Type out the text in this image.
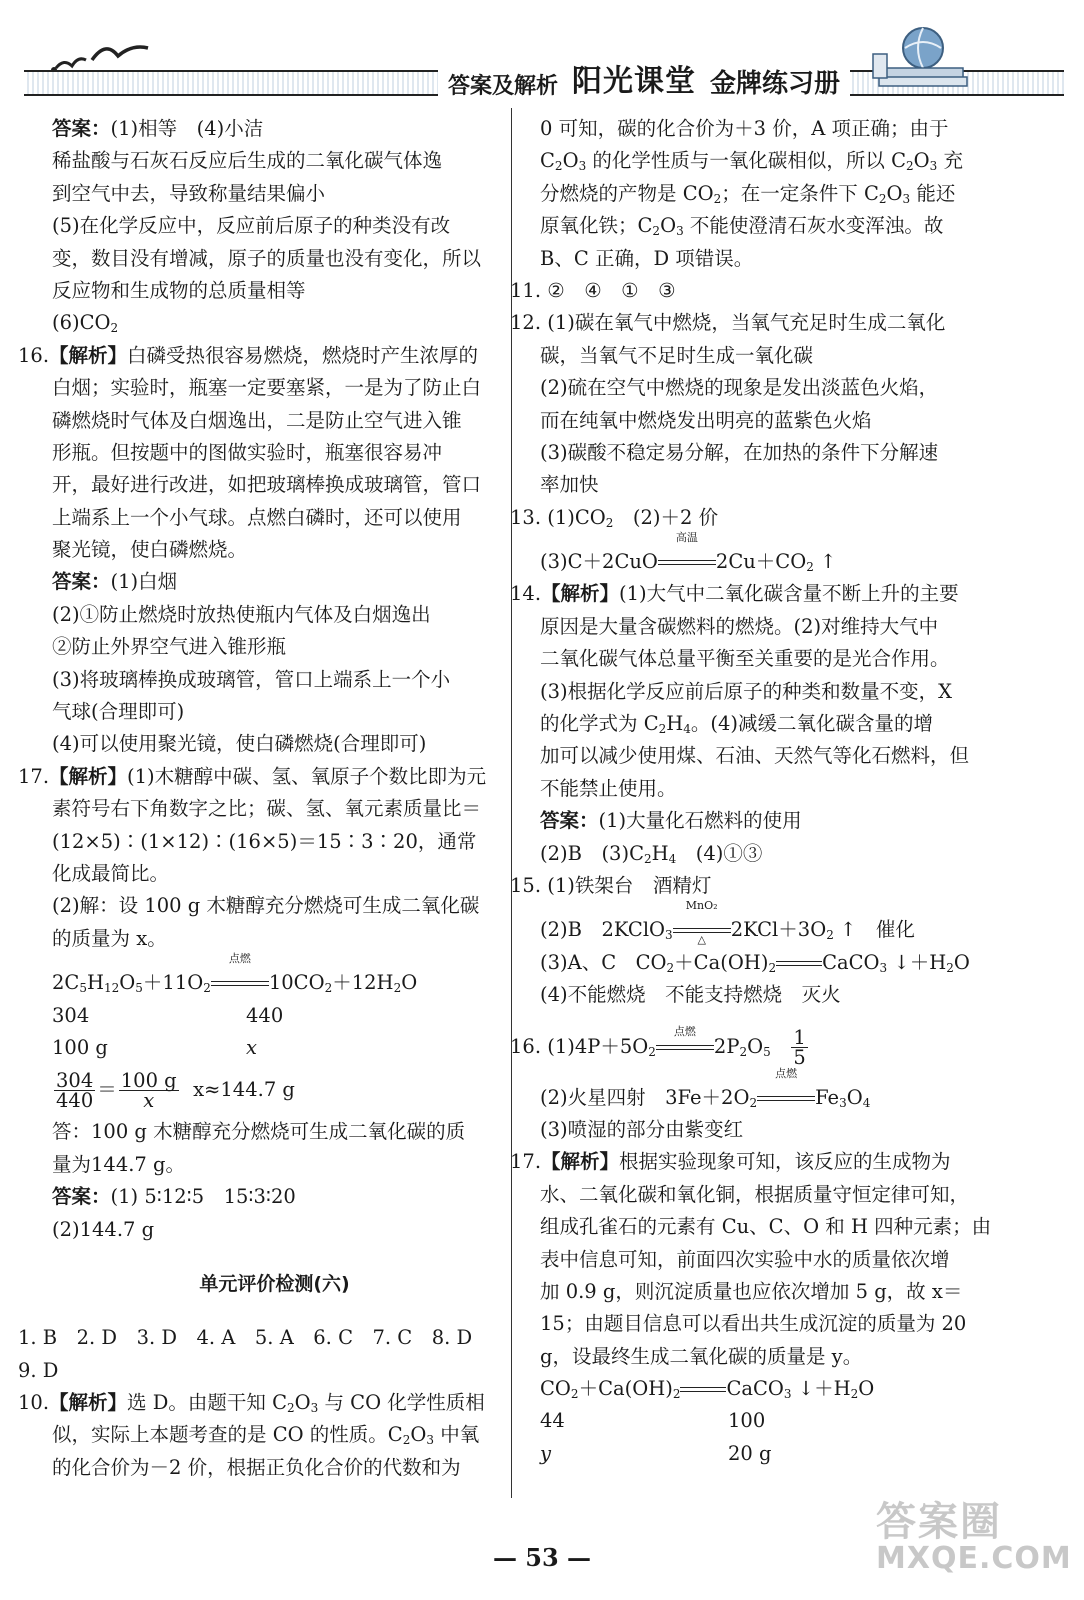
答案及解析 阳光课堂 金牌练习册
答案：(1)相等　(4)小洁
稀盐酸与石灰石反应后生成的二氧化碳气体逸
到空气中去，导致称量结果偏小
(5)在化学反应中，反应前后原子的种类没有改
变，数目没有增减，原子的质量也没有变化，所以
反应物和生成物的总质量相等
$(6)CO_2$
16.【解析】白磷受热很容易燃烧，燃烧时产生浓厚的
白烟；实验时，瓶塞一定要塞紧，一是为了防止白
磷燃烧时气体及白烟逸出，二是防止空气进入锥
形瓶。但按题中的图做实验时，瓶塞很容易冲
开，最好进行改进，如把玻璃棒换成玻璃管，管口
上端系上一个小气球。点燃白磷时，还可以使用
聚光镜，使白磷燃烧。
答案：(1)白烟
(2)①防止燃烧时放热使瓶内气体及白烟逸出
②防止外界空气进入锥形瓶
(3)将玻璃棒换成玻璃管，管口上端系上一个小
气球(合理即可)
(4)可以使用聚光镜，使白磷燃烧(合理即可)
17.【解析】(1)木糖醇中碳、氢、氧原子个数比即为元
素符号右下角数字之比；碳、氢、氧元素质量比＝
(12×5)∶(1×12)∶(16×5)＝15∶3∶20，通常
化成最简比。
(2)解：设 100 g 木糖醇充分燃烧可生成二氧化碳
的质量为 x。
$2C_5H_{12}O_5+11O_2$
点燃
$10CO_2+12H_2O$
304	440
100 g	x
$\frac{304}{440} = \frac{100 g}{x} x\approx 144.7$ g
答：100 g 木糖醇充分燃烧可生成二氧化碳的质
量为144.7 g。
答案：(1) 5∶12∶5　15∶3∶20
(2)144.7 g
单元评价检测(六)
1. B　2. D　3. D　4. A　5. A　6. C　7. C　8. D
9. D
10.【解析】选 D。由题干知 $C_2O_3$ 与 CO 化学性质相
似，实际上本题考查的是 CO 的性质。$C_2O_3$ 中氧
的化合价为－2 价，根据正负化合价的代数和为
0 可知，碳的化合价为＋3 价，A 项正确；由于
$C_2O_3$ 的化学性质与一氧化碳相似，所以 $C_2O_3$ 充
分燃烧的产物是 $CO_2$；在一定条件下 $C_2O_3$ 能还
原氧化铁；$C_2O_3$ 不能使澄清石灰水变浑浊。故
B、C 正确，D 项错误。
11. ②　④　①　③
12. (1)碳在氧气中燃烧，当氧气充足时生成二氧化
碳，当氧气不足时生成一氧化碳
(2)硫在空气中燃烧的现象是发出淡蓝色火焰，
而在纯氧中燃烧发出明亮的蓝紫色火焰
(3)碳酸不稳定易分解，在加热的条件下分解速
率加快
13. $(1)CO_2$　(2)＋2 价
(3)C＋2CuO
高温
$2Cu+CO_2$ ↑
14.【解析】(1)大气中二氧化碳含量不断上升的主要
原因是大量含碳燃料的燃烧。(2)对维持大气中
二氧化碳气体总量平衡至关重要的是光合作用。
(3)根据化学反应前后原子的种类和数量不变，X
的化学式为 $C_2H_4$。(4)减缓二氧化碳含量的增
加可以减少使用煤、石油、天然气等化石燃料，但
不能禁止使用。
答案：(1)大量化石燃料的使用
(2)B　$(3)C_2H_4$　(4)①③
15. (1)铁架台　酒精灯
(2)B　2KClO$_3$
MnO₂
△	$2KCl+3O_2$ ↑　催化
(3)A、C　$CO_2+Ca(OH)_2$ CaCO$_3$ $↓+H_2O$
(4)不能燃烧　不能支持燃烧　灭火
16. $(1)4P+5O_2$
点燃
$2P_2O_5 \frac{1}{5}$
(2)火星四射　$3Fe+2O_2$
点燃
$Fe_3O_4$
(3)喷湿的部分由紫变红
17.【解析】根据实验现象可知，该反应的生成物为
水、二氧化碳和氧化铜，根据质量守恒定律可知，
组成孔雀石的元素有 Cu、C、O 和 H 四种元素；由
表中信息可知，前面四次实验中水的质量依次增
加 0.9 g，则沉淀质量也应依次增加 5 g，故 x＝
15；由题目信息可以看出共生成沉淀的质量为 20
g，设最终生成二氧化碳的质量是 y。
$CO_2+Ca(OH)_2$ CaCO$_3$ $↓+H_2O$
44	100
y	20 g
— 53 —
答案圈
MXQE.COM
